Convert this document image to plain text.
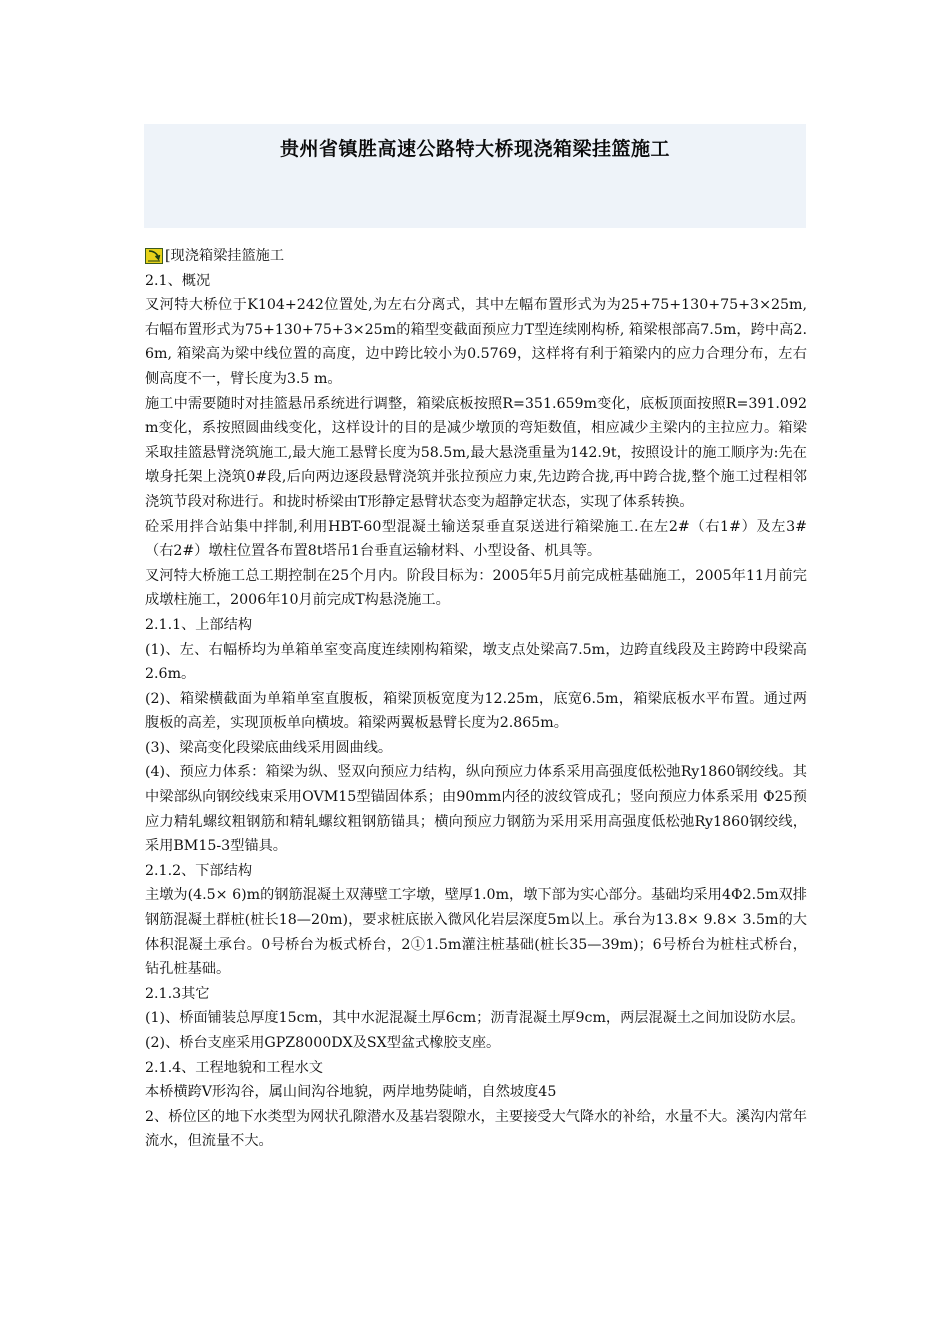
贵州省镇胜高速公路特大桥现浇箱梁挂篮施工

[现浇箱梁挂篮施工

2.1、概况

叉河特大桥位于K104+242位置处,为左右分离式，其中左幅布置形式为为25+75+130+75+3×25m,右幅布置形式为75+130+75+3×25m的箱型变截面预应力T型连续刚构桥, 箱梁根部高7.5m，跨中高2.6m, 箱梁高为梁中线位置的高度，边中跨比较小为0.5769，这样将有利于箱梁内的应力合理分布，左右侧高度不一，臂长度为3.5 m。

施工中需要随时对挂篮悬吊系统进行调整，箱梁底板按照R=351.659m变化，底板顶面按照R=391.092m变化，系按照圆曲线变化，这样设计的目的是减少墩顶的弯矩数值，相应减少主梁内的主拉应力。箱梁采取挂篮悬臂浇筑施工,最大施工悬臂长度为58.5m,最大悬浇重量为142.9t，按照设计的施工顺序为:先在墩身托架上浇筑0#段,后向两边逐段悬臂浇筑并张拉预应力束,先边跨合拢,再中跨合拢,整个施工过程相邻浇筑节段对称进行。和拢时桥梁由T形静定悬臂状态变为超静定状态，实现了体系转换。

砼采用拌合站集中拌制,利用HBT-60型混凝土输送泵垂直泵送进行箱梁施工.在左2#（右1#）及左3#（右2#）墩柱位置各布置8t塔吊1台垂直运输材料、小型设备、机具等。

叉河特大桥施工总工期控制在25个月内。阶段目标为：2005年5月前完成桩基础施工，2005年11月前完成墩柱施工，2006年10月前完成T构悬浇施工。

2.1.1、上部结构

(1)、左、右幅桥均为单箱单室变高度连续刚构箱梁，墩支点处梁高7.5m，边跨直线段及主跨跨中段梁高2.6m。

(2)、箱梁横截面为单箱单室直腹板，箱梁顶板宽度为12.25m，底宽6.5m，箱梁底板水平布置。通过两腹板的高差，实现顶板单向横坡。箱梁两翼板悬臂长度为2.865m。

(3)、梁高变化段梁底曲线采用圆曲线。

(4)、预应力体系：箱梁为纵、竖双向预应力结构，纵向预应力体系采用高强度低松弛Ry1860钢绞线。其中梁部纵向钢绞线束采用OVM15型锚固体系；由90mm内径的波纹管成孔；竖向预应力体系采用 Φ25预应力精轧螺纹粗钢筋和精轧螺纹粗钢筋锚具；横向预应力钢筋为采用采用高强度低松弛Ry1860钢绞线，采用BM15-3型锚具。

2.1.2、下部结构

主墩为(4.5× 6)m的钢筋混凝土双薄壁工字墩，壁厚1.0m，墩下部为实心部分。基础均采用4Φ2.5m双排钢筋混凝土群桩(桩长18—20m)，要求桩底嵌入微风化岩层深度5m以上。承台为13.8× 9.8× 3.5m的大体积混凝土承台。0号桥台为板式桥台，2①1.5m灌注桩基础(桩长35—39m)；6号桥台为桩柱式桥台，钻孔桩基础。

2.1.3其它

(1)、桥面铺装总厚度15cm，其中水泥混凝土厚6cm；沥青混凝土厚9cm，两层混凝土之间加设防水层。

(2)、桥台支座采用GPZ8000DX及SX型盆式橡胶支座。

2.1.4、工程地貌和工程水文

本桥横跨V形沟谷，属山间沟谷地貌，两岸地势陡峭，自然坡度45

2、桥位区的地下水类型为网状孔隙潜水及基岩裂隙水，主要接受大气降水的补给，水量不大。溪沟内常年流水，但流量不大。
